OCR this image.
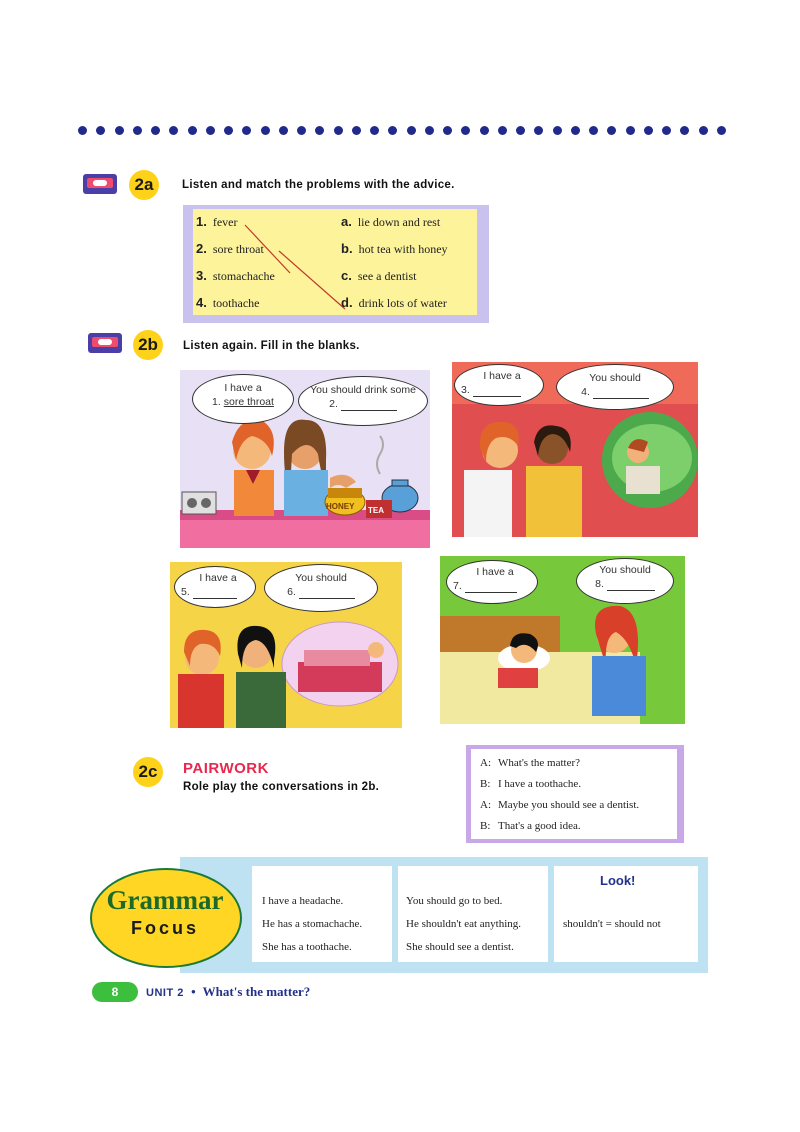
2a	Listen and match the problems with the advice.
1. fever
2. sore throat
3. stomachache
4. toothache
a. lie down and rest
b. hot tea with honey
c. see a dentist
d. drink lots of water
2b	Listen again. Fill in the blanks.
I have a
1. sore throat
You should drink some
2.
HONEY TEA
I have a
3.
You should
4.
I have a
5.
You should
6.
I have a
7.
You should
8.
2c	PAIRWORK
Role play the conversations in 2b.
A: What's the matter?
B: I have a toothache.
A: Maybe you should see a dentist.
B: That's a good idea.
Grammar
Focus
I have a headache.
He has a stomachache.
She has a toothache.
You should go to bed.
He shouldn't eat anything.
She should see a dentist.
Look!
shouldn't = should not
8	UNIT 2 • What's the matter?
